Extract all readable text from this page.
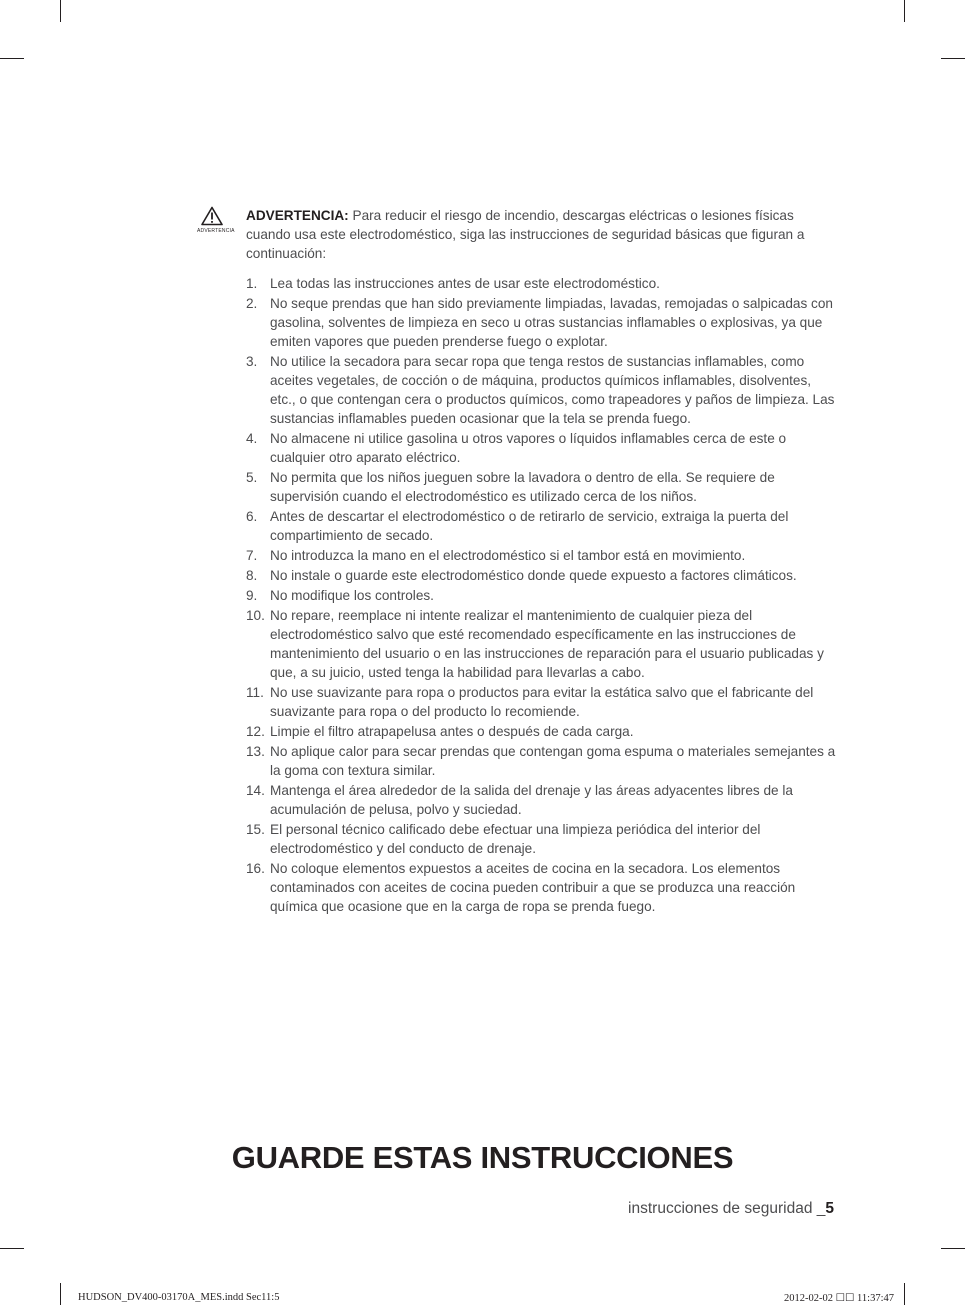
ADVERTENCIA
ADVERTENCIA: Para reducir el riesgo de incendio, descargas eléctricas o lesiones físicas cuando usa este electrodoméstico, siga las instrucciones de seguridad básicas que figuran a continuación:
1. Lea todas las instrucciones antes de usar este electrodoméstico.
2. No seque prendas que han sido previamente limpiadas, lavadas, remojadas o salpicadas con gasolina, solventes de limpieza en seco u otras sustancias inflamables o explosivas, ya que emiten vapores que pueden prenderse fuego o explotar.
3. No utilice la secadora para secar ropa que tenga restos de sustancias inflamables, como aceites vegetales, de cocción o de máquina, productos químicos inflamables, disolventes, etc., o que contengan cera o productos químicos, como trapeadores y paños de limpieza. Las sustancias inflamables pueden ocasionar que la tela se prenda fuego.
4. No almacene ni utilice gasolina u otros vapores o líquidos inflamables cerca de este o cualquier otro aparato eléctrico.
5. No permita que los niños jueguen sobre la lavadora o dentro de ella. Se requiere de supervisión cuando el electrodoméstico es utilizado cerca de los niños.
6. Antes de descartar el electrodoméstico o de retirarlo de servicio, extraiga la puerta del compartimiento de secado.
7. No introduzca la mano en el electrodoméstico si el tambor está en movimiento.
8. No instale o guarde este electrodoméstico donde quede expuesto a factores climáticos.
9. No modifique los controles.
10. No repare, reemplace ni intente realizar el mantenimiento de cualquier pieza del electrodoméstico salvo que esté recomendado específicamente en las instrucciones de mantenimiento del usuario o en las instrucciones de reparación para el usuario publicadas y que, a su juicio, usted tenga la habilidad para llevarlas a cabo.
11. No use suavizante para ropa o productos para evitar la estática salvo que el fabricante del suavizante para ropa o del producto lo recomiende.
12. Limpie el filtro atrapapelusa antes o después de cada carga.
13. No aplique calor para secar prendas que contengan goma espuma o materiales semejantes a la goma con textura similar.
14. Mantenga el área alrededor de la salida del drenaje y las áreas adyacentes libres de la acumulación de pelusa, polvo y suciedad.
15. El personal técnico calificado debe efectuar una limpieza periódica del interior del electrodoméstico y del conducto de drenaje.
16. No coloque elementos expuestos a aceites de cocina en la secadora. Los elementos contaminados con aceites de cocina pueden contribuir a que se produzca una reacción química que ocasione que en la carga de ropa se prenda fuego.
GUARDE ESTAS INSTRUCCIONES
instrucciones de seguridad _5
HUDSON_DV400-03170A_MES.indd Sec11:5	2012-02-02 ☐☐ 11:37:47
